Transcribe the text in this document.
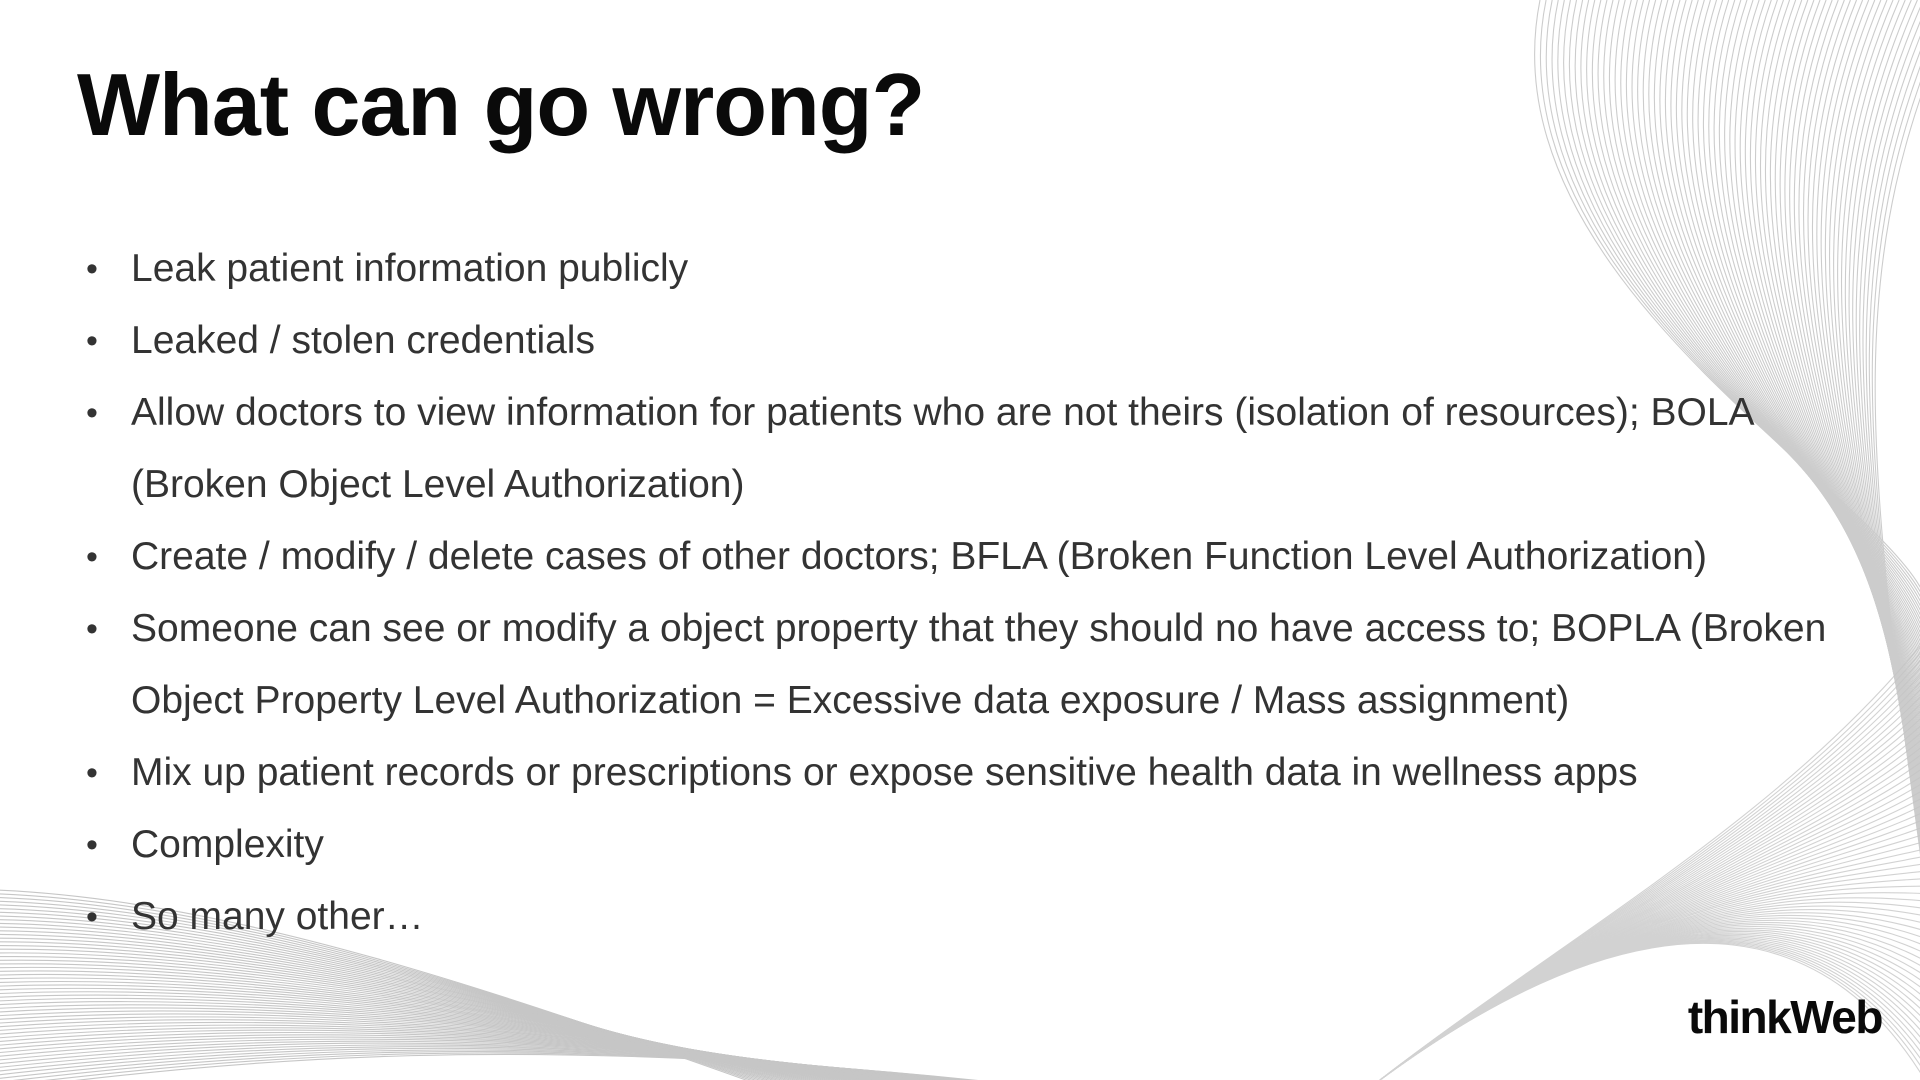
What can go wrong?
• Leak patient information publicly
• Leaked / stolen credentials
• Allow doctors to view information for patients who are not theirs (isolation of resources); BOLA (Broken Object Level Authorization)
• Create / modify / delete cases of other doctors; BFLA (Broken Function Level Authorization)
• Someone can see or modify a object property that they should no have access to; BOPLA (Broken Object Property Level Authorization = Excessive data exposure / Mass assignment)
• Mix up patient records or prescriptions or expose sensitive health data in wellness apps
• Complexity
• So many other…
thinkWeb
